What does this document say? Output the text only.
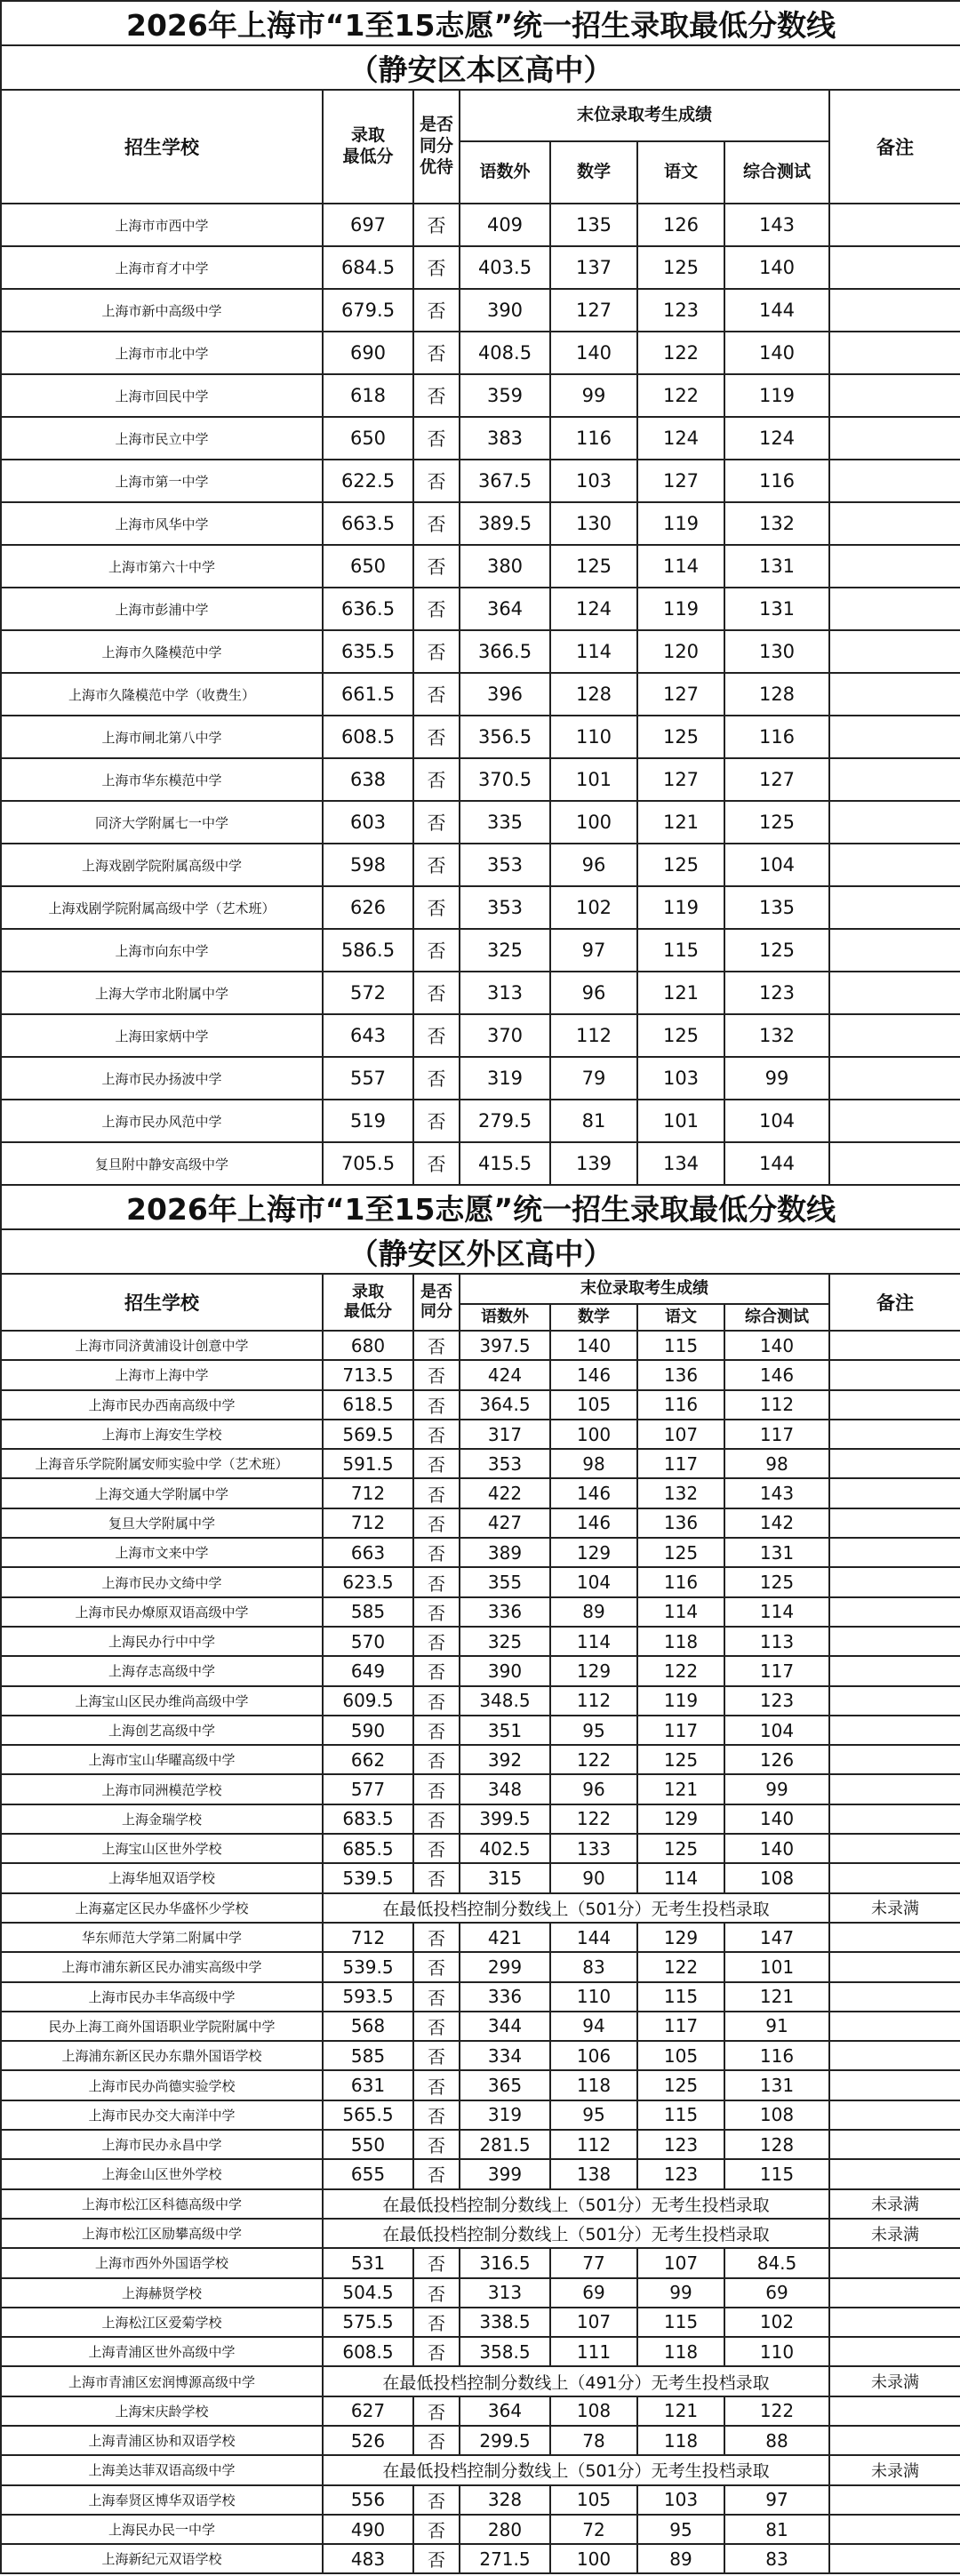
2026年上海市“1至15志愿”统一招生录取最低分数线							
（静安区本区高中）							
招生学校	录取
最低分	是否
同分
优待	末位录取考生成绩				备注
			语数外	数学	语文	综合测试	
上海市市西中学	697	否	409	135	126	143	
上海市育才中学	684.5	否	403.5	137	125	140	
上海市新中高级中学	679.5	否	390	127	123	144	
上海市市北中学	690	否	408.5	140	122	140	
上海市回民中学	618	否	359	99	122	119	
上海市民立中学	650	否	383	116	124	124	
上海市第一中学	622.5	否	367.5	103	127	116	
上海市风华中学	663.5	否	389.5	130	119	132	
上海市第六十中学	650	否	380	125	114	131	
上海市彭浦中学	636.5	否	364	124	119	131	
上海市久隆模范中学	635.5	否	366.5	114	120	130	
上海市久隆模范中学（收费生）	661.5	否	396	128	127	128	
上海市闸北第八中学	608.5	否	356.5	110	125	116	
上海市华东模范中学	638	否	370.5	101	127	127	
同济大学附属七一中学	603	否	335	100	121	125	
上海戏剧学院附属高级中学	598	否	353	96	125	104	
上海戏剧学院附属高级中学（艺术班）	626	否	353	102	119	135	
上海市向东中学	586.5	否	325	97	115	125	
上海大学市北附属中学	572	否	313	96	121	123	
上海田家炳中学	643	否	370	112	125	132	
上海市民办扬波中学	557	否	319	79	103	99	
上海市民办风范中学	519	否	279.5	81	101	104	
复旦附中静安高级中学	705.5	否	415.5	139	134	144	
2026年上海市“1至15志愿”统一招生录取最低分数线							
（静安区外区高中）							
招生学校	录取
最低分	是否
同分	末位录取考生成绩				备注
			语数外	数学	语文	综合测试	
上海市同济黄浦设计创意中学	680	否	397.5	140	115	140	
上海市上海中学	713.5	否	424	146	136	146	
上海市民办西南高级中学	618.5	否	364.5	105	116	112	
上海市上海安生学校	569.5	否	317	100	107	117	
上海音乐学院附属安师实验中学（艺术班）	591.5	否	353	98	117	98	
上海交通大学附属中学	712	否	422	146	132	143	
复旦大学附属中学	712	否	427	146	136	142	
上海市文来中学	663	否	389	129	125	131	
上海市民办文绮中学	623.5	否	355	104	116	125	
上海市民办燎原双语高级中学	585	否	336	89	114	114	
上海民办行中中学	570	否	325	114	118	113	
上海存志高级中学	649	否	390	129	122	117	
上海宝山区民办维尚高级中学	609.5	否	348.5	112	119	123	
上海创艺高级中学	590	否	351	95	117	104	
上海市宝山华曜高级中学	662	否	392	122	125	126	
上海市同洲模范学校	577	否	348	96	121	99	
上海金瑞学校	683.5	否	399.5	122	129	140	
上海宝山区世外学校	685.5	否	402.5	133	125	140	
上海华旭双语学校	539.5	否	315	90	114	108	
上海嘉定区民办华盛怀少学校	在最低投档控制分数线上（501分）无考生投档录取						未录满
华东师范大学第二附属中学	712	否	421	144	129	147	
上海市浦东新区民办浦实高级中学	539.5	否	299	83	122	101	
上海市民办丰华高级中学	593.5	否	336	110	115	121	
民办上海工商外国语职业学院附属中学	568	否	344	94	117	91	
上海浦东新区民办东鼎外国语学校	585	否	334	106	105	116	
上海市民办尚德实验学校	631	否	365	118	125	131	
上海市民办交大南洋中学	565.5	否	319	95	115	108	
上海市民办永昌中学	550	否	281.5	112	123	128	
上海金山区世外学校	655	否	399	138	123	115	
上海市松江区科德高级中学	在最低投档控制分数线上（501分）无考生投档录取						未录满
上海市松江区励攀高级中学	在最低投档控制分数线上（501分）无考生投档录取						未录满
上海市西外外国语学校	531	否	316.5	77	107	84.5	
上海赫贤学校	504.5	否	313	69	99	69	
上海松江区爱菊学校	575.5	否	338.5	107	115	102	
上海青浦区世外高级中学	608.5	否	358.5	111	118	110	
上海市青浦区宏润博源高级中学	在最低投档控制分数线上（491分）无考生投档录取						未录满
上海宋庆龄学校	627	否	364	108	121	122	
上海青浦区协和双语学校	526	否	299.5	78	118	88	
上海美达菲双语高级中学	在最低投档控制分数线上（501分）无考生投档录取						未录满
上海奉贤区博华双语学校	556	否	328	105	103	97	
上海民办民一中学	490	否	280	72	95	81	
上海新纪元双语学校	483	否	271.5	100	89	83	
